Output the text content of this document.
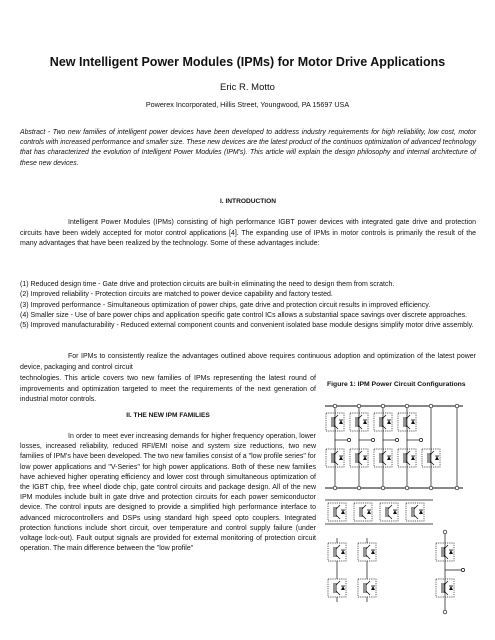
New Intelligent Power Modules (IPMs) for Motor Drive Applications
Eric R. Motto
Powerex Incorporated, Hillis Street, Youngwood, PA 15697 USA
Abstract - Two new families of intelligent power devices have been developed to address industry requirements for high reliability, low cost, motor controls with increased performance and smaller size. These new devices are the latest product of the continuos optimization of advanced technology that has characterized the evolution of Intelligent Power Modules (IPM's). This article will explain the design philosophy and internal architecture of these new devices.
I. INTRODUCTION
Intelligent Power Modules (IPMs) consisting of high performance IGBT power devices with integrated gate drive and protection circuits have been widely accepted for motor control applications [4]. The expanding use of IPMs in motor controls is primarily the result of the many advantages that have been realized by the technology. Some of these advantages include:
(1) Reduced design time - Gate drive and protection circuits are built-in eliminating the need to design them from scratch.
(2) Improved reliability - Protection circuits are matched to power device capability and factory tested.
(3) Improved performance - Simultaneous optimization of power chips, gate drive and protection circuit results in improved efficiency.
(4) Smaller size - Use of bare power chips and application specific gate control ICs allows a substantial space savings over discrete approaches.
(5) Improved manufacturability - Reduced external component counts and convenient isolated base module designs simplify motor drive assembly.
For IPMs to consistently realize the advantages outlined above requires continuous adoption and optimization of the latest power device, packaging and control circuit
technologies. This article covers two new families of IPMs representing the latest round of improvements and optimization targeted to meet the requirements of the next generation of industrial motor controls.
II. THE NEW IPM FAMILIES
In order to meet ever increasing demands for higher frequency operation, lower losses, increased reliability, reduced RFI/EMI noise and system size reductions, two new families of IPM's have been developed. The two new families consist of a "low profile series" for low power applications and "V-Series" for high power applications. Both of these new families have achieved higher operating efficiency and lower cost through simultaneous optimization of the IGBT chip, free wheel diode chip, gate control circuits and package design. All of the new IPM modules include built in gate drive and protection circuits for each power semiconductor device. The control inputs are designed to provide a simplified high performance interface to advanced microcontrollers and DSPs using standard high speed opto couplers. Integrated protection functions include short circuit, over temperature and control supply failure (under voltage lock-out). Fault output signals are provided for external monitoring of protection circuit operation. The main difference between the "low profile"
Figure 1: IPM Power Circuit Configurations
